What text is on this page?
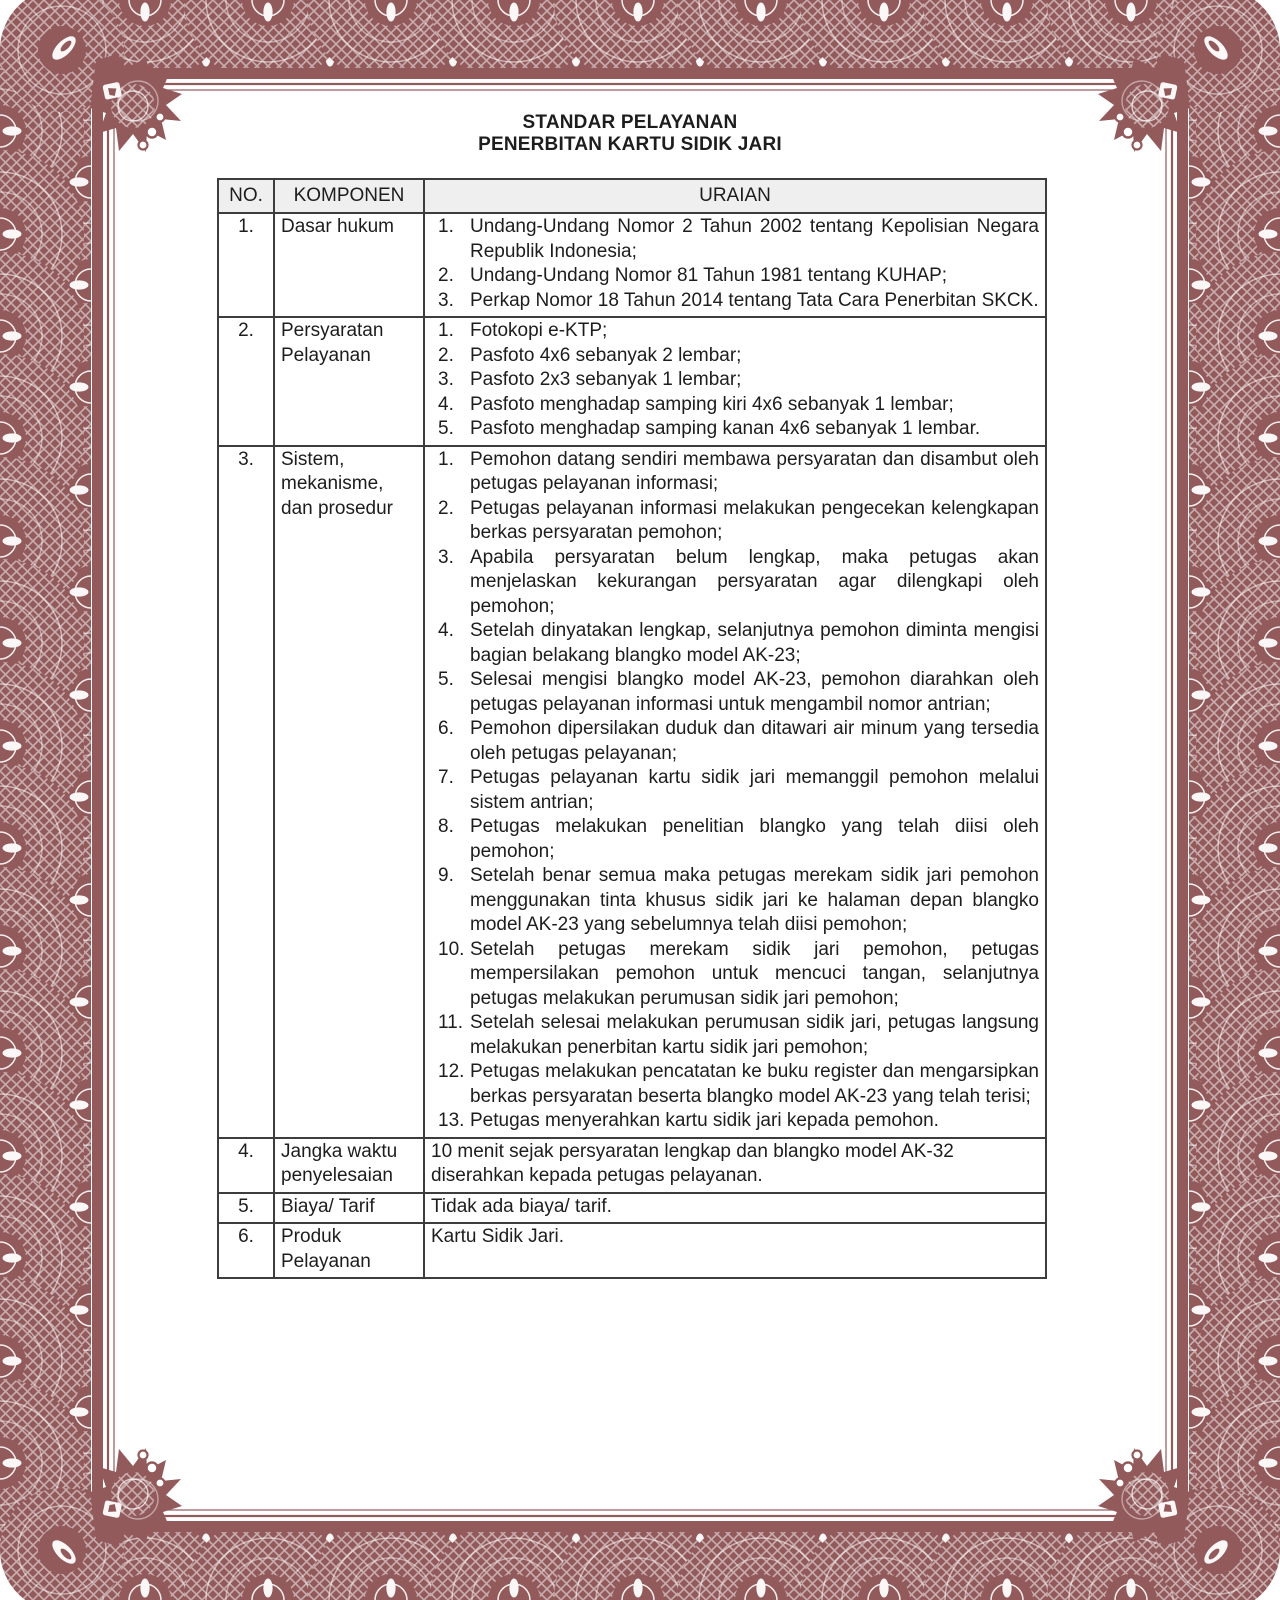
STANDAR PELAYANAN
PENERBITAN KARTU SIDIK JARI
NO.	KOMPONEN	URAIAN
1.	Dasar hukum	Undang-Undang Nomor 2 Tahun 2002 tentang Kepolisian Negara Republik Indonesia;
Undang-Undang Nomor 81 Tahun 1981 tentang KUHAP;
Perkap Nomor 18 Tahun 2014 tentang Tata Cara Penerbitan SKCK.

2.	Persyaratan Pelayanan	
Fotokopi e-KTP;
Pasfoto 4x6 sebanyak 2 lembar;
Pasfoto 2x3 sebanyak 1 lembar;
Pasfoto menghadap samping kiri 4x6 sebanyak 1 lembar;
Pasfoto menghadap samping kanan 4x6 sebanyak 1 lembar.

3.	Sistem, mekanisme, dan prosedur	
Pemohon datang sendiri membawa persyaratan dan disambut oleh petugas pelayanan informasi;
Petugas pelayanan informasi melakukan pengecekan kelengkapan berkas persyaratan pemohon;
Apabila persyaratan belum lengkap, maka petugas akan menjelaskan kekurangan persyaratan agar dilengkapi oleh pemohon;
Setelah dinyatakan lengkap, selanjutnya pemohon diminta mengisi bagian belakang blangko model AK-23;
Selesai mengisi blangko model AK-23, pemohon diarahkan oleh petugas pelayanan informasi untuk mengambil nomor antrian;
Pemohon dipersilakan duduk dan ditawari air minum yang tersedia oleh petugas pelayanan;
Petugas pelayanan kartu sidik jari memanggil pemohon melalui sistem antrian;
Petugas melakukan penelitian blangko yang telah diisi oleh pemohon;
Setelah benar semua maka petugas merekam sidik jari pemohon menggunakan tinta khusus sidik jari ke halaman depan blangko model AK-23 yang sebelumnya telah diisi pemohon;
Setelah petugas merekam sidik jari pemohon, petugas mempersilakan pemohon untuk mencuci tangan, selanjutnya petugas melakukan perumusan sidik jari pemohon;
Setelah selesai melakukan perumusan sidik jari, petugas langsung melakukan penerbitan kartu sidik jari pemohon;
Petugas melakukan pencatatan ke buku register dan mengarsipkan berkas persyaratan beserta blangko model AK-23 yang telah terisi;
Petugas menyerahkan kartu sidik jari kepada pemohon.

4.	Jangka waktu penyelesaian	10 menit sejak persyaratan lengkap dan blangko model AK-32 diserahkan kepada petugas pelayanan.

5.	Biaya/ Tarif	Tidak ada biaya/ tarif.

6.	Produk Pelayanan	Kartu Sidik Jari.
